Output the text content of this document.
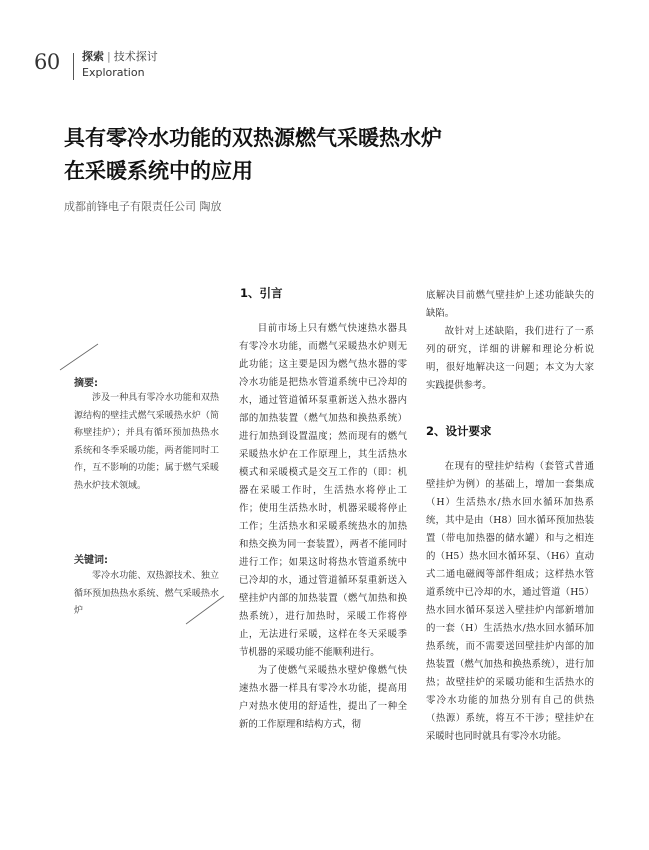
60 探索 | 技术探讨
Exploration
具有零冷水功能的双热源燃气采暖热水炉
在采暖系统中的应用
成都前锋电子有限责任公司 陶放
摘要:
涉及一种具有零冷水功能和双热源结构的壁挂式燃气采暖热水炉（简称壁挂炉）；并具有循环预加热热水系统和冬季采暖功能，两者能同时工作，互不影响的功能；属于燃气采暖热水炉技术领域。
关键词:
零冷水功能、双热源技术、独立循环预加热热水系统、燃气采暖热水炉
1、引言

目前市场上只有燃气快速热水器具有零冷水功能，而燃气采暖热水炉则无此功能；这主要是因为燃气热水器的零冷水功能是把热水管道系统中已冷却的水，通过管道循环泵重新送入热水器内部的加热装置（燃气加热和换热系统）进行加热到设置温度；然而现有的燃气采暖热水炉在工作原理上，其生活热水模式和采暖模式是交互工作的（即：机器在采暖工作时，生活热水将停止工作；使用生活热水时，机器采暖将停止工作；生活热水和采暖系统热水的加热和热交换为同一套装置），两者不能同时进行工作；如果这时将热水管道系统中已冷却的水，通过管道循环泵重新送入壁挂炉内部的加热装置（燃气加热和换热系统），进行加热时，采暖工作将停止，无法进行采暖，这样在冬天采暖季节机器的采暖功能不能顺利进行。

为了使燃气采暖热水壁炉像燃气快速热水器一样具有零冷水功能，提高用户对热水使用的舒适性，提出了一种全新的工作原理和结构方式，彻

底解决目前燃气壁挂炉上述功能缺失的缺陷。

故针对上述缺陷，我们进行了一系列的研究，详细的讲解和理论分析说明，很好地解决这一问题；本文为大家实践提供参考。

2、设计要求

在现有的壁挂炉结构（套管式普通壁挂炉为例）的基础上，增加一套集成（H）生活热水/热水回水循环加热系统，其中是由（H8）回水循环预加热装置（带电加热器的储水罐）和与之相连的（H5）热水回水循环泵、（H6）直动式二通电磁阀等部件组成；这样热水管道系统中已冷却的水，通过管道（H5）热水回水循环泵送入壁挂炉内部新增加的一套（H）生活热水/热水回水循环加热系统，而不需要送回壁挂炉内部的加热装置（燃气加热和换热系统），进行加热；故壁挂炉的采暖功能和生活热水的零冷水功能的加热分别有自己的供热（热源）系统，将互不干涉；壁挂炉在采暖时也同时就具有零冷水功能。
